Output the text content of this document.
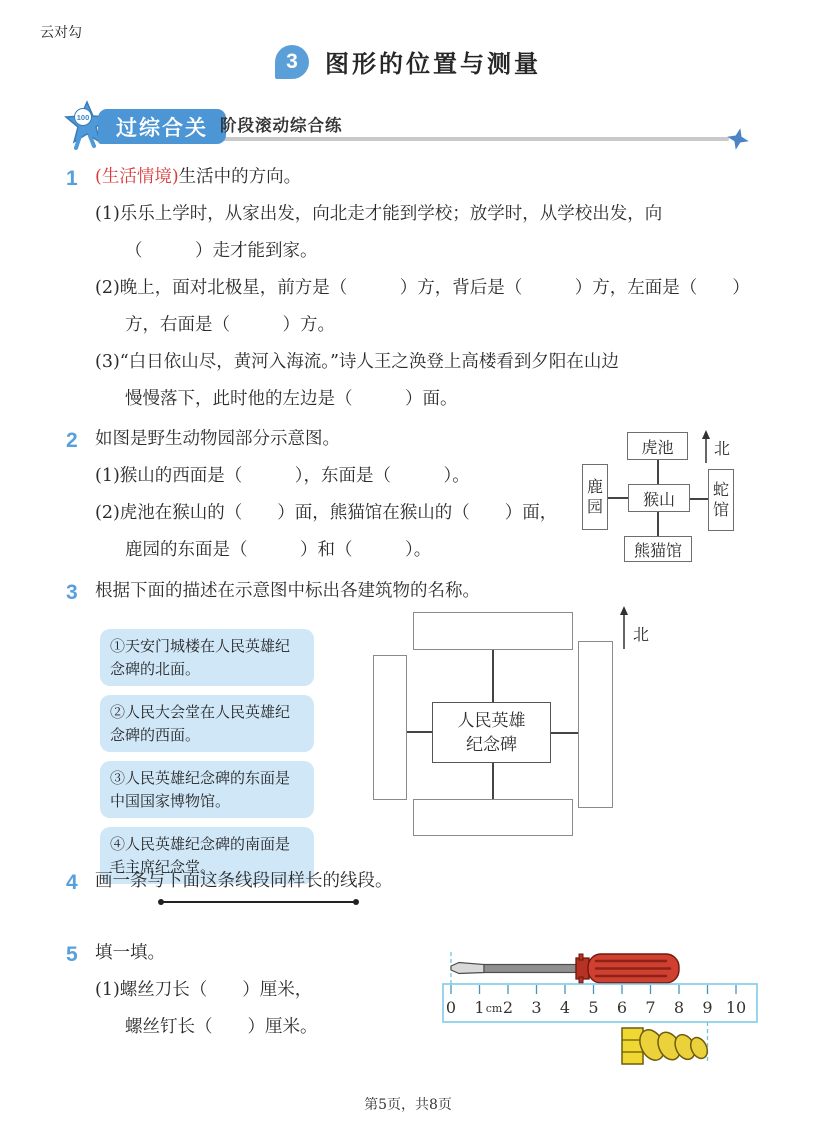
云对勾
3	图形的位置与测量
100	过综合关 阶段滚动综合练
1 (生活情境)生活中的方向。
(1)乐乐上学时，从家出发，向北走才能到学校；放学时，从学校出发，向
（　　　）走才能到家。
(2)晚上，面对北极星，前方是（　　　）方，背后是（　　　）方，左面是（　　）
方，右面是（　　　）方。
(3)“白日依山尽，黄河入海流。”诗人王之涣登上高楼看到夕阳在山边
慢慢落下，此时他的左边是（　　　）面。
2 如图是野生动物园部分示意图。
(1)猴山的西面是（　　　），东面是（　　　）。
(2)虎池在猴山的（　　）面，熊猫馆在猴山的（　　）面，
鹿园的东面是（　　　）和（　　　）。
虎池
鹿园	猴山	蛇馆
熊猫馆
北
3 根据下面的描述在示意图中标出各建筑物的名称。
①天安门城楼在人民英雄纪念碑的北面。
②人民大会堂在人民英雄纪念碑的西面。
③人民英雄纪念碑的东面是中国国家博物馆。
④人民英雄纪念碑的南面是毛主席纪念堂。
人民英雄
纪念碑
北
4 画一条与下面这条线段同样长的线段。
5 填一填。
(1)螺丝刀长（　　）厘米，
螺丝钉长（　　）厘米。
0 1 cm 2 3 4 5 6 7 8 9 10
第5页，共8页
